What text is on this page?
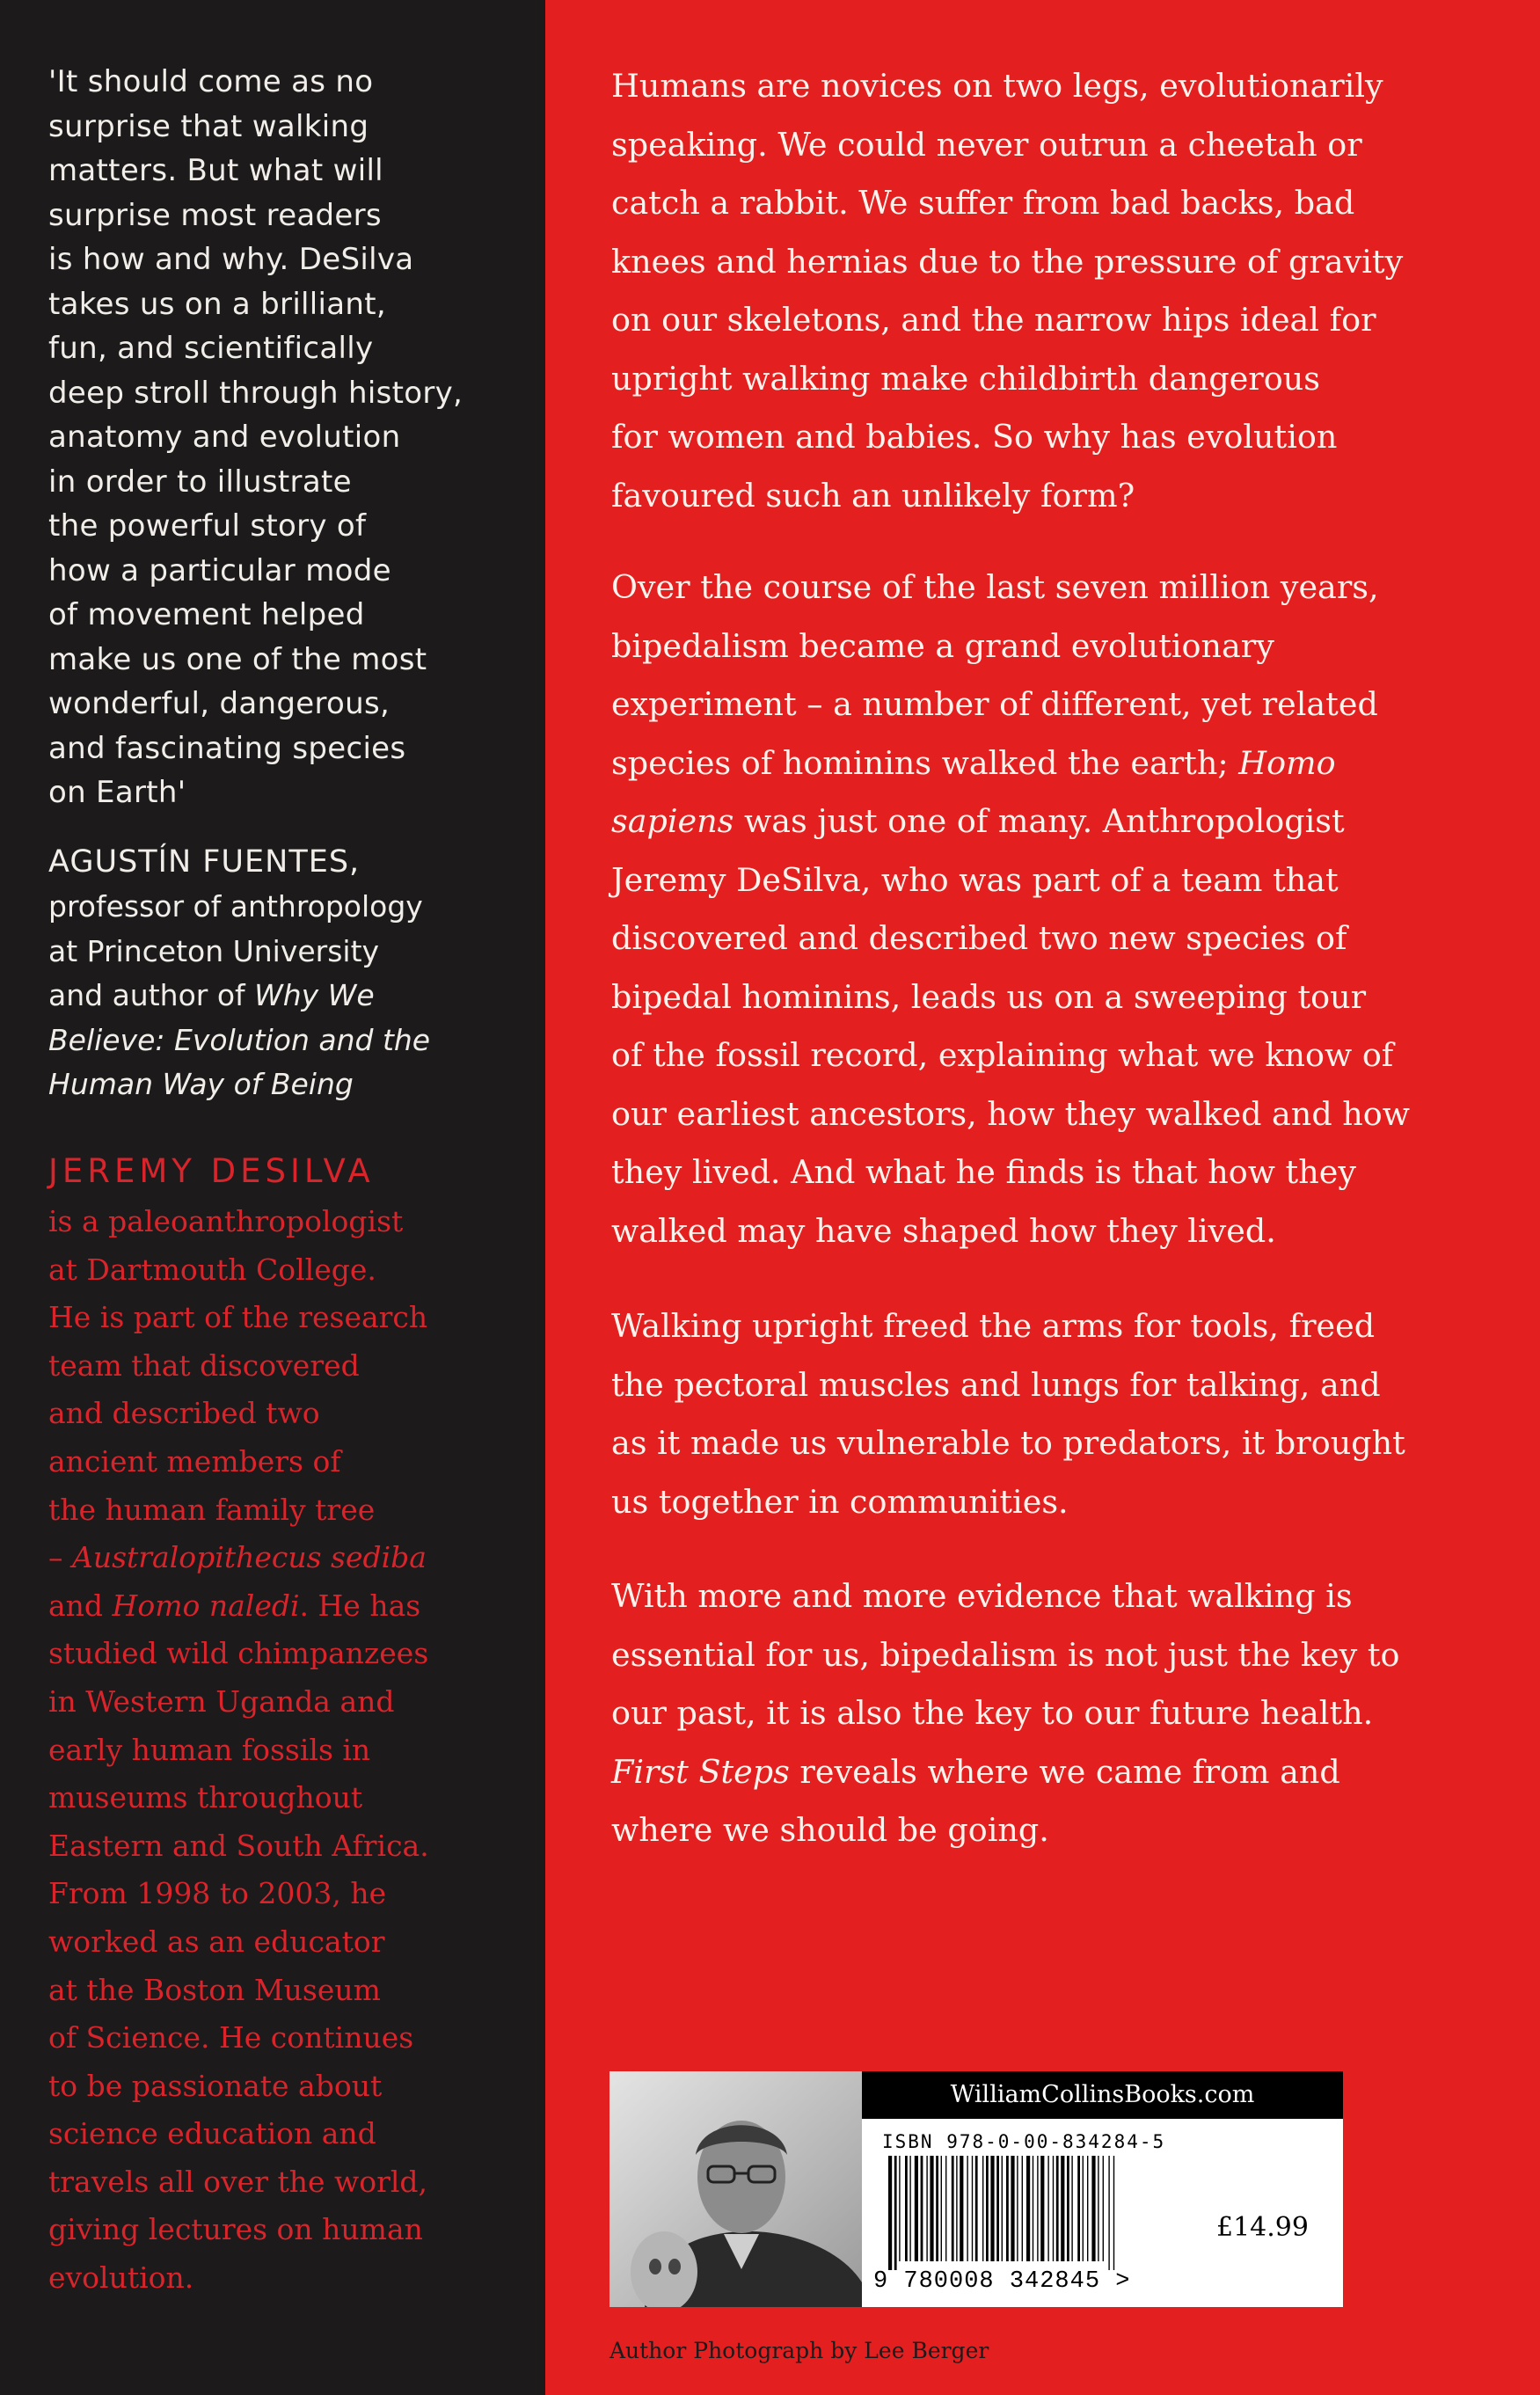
'It should come as no
surprise that walking
matters. But what will
surprise most readers
is how and why. DeSilva
takes us on a brilliant,
fun, and scientifically
deep stroll through history,
anatomy and evolution
in order to illustrate
the powerful story of
how a particular mode
of movement helped
make us one of the most
wonderful, dangerous,
and fascinating species
on Earth'

AGUSTÍN FUENTES,

professor of anthropology
at Princeton University
and author of Why We
Believe: Evolution and the
Human Way of Being

JEREMY DESILVA

is a paleoanthropologist
at Dartmouth College.
He is part of the research
team that discovered
and described two
ancient members of
the human family tree
– Australopithecus sediba
and Homo naledi. He has
studied wild chimpanzees
in Western Uganda and
early human fossils in
museums throughout
Eastern and South Africa.
From 1998 to 2003, he
worked as an educator
at the Boston Museum
of Science. He continues
to be passionate about
science education and
travels all over the world,
giving lectures on human
evolution.

Humans are novices on two legs, evolutionarily
speaking. We could never outrun a cheetah or
catch a rabbit. We suffer from bad backs, bad
knees and hernias due to the pressure of gravity
on our skeletons, and the narrow hips ideal for
upright walking make childbirth dangerous
for women and babies. So why has evolution
favoured such an unlikely form?

Over the course of the last seven million years,
bipedalism became a grand evolutionary
experiment – a number of different, yet related
species of hominins walked the earth; Homo
sapiens was just one of many. Anthropologist
Jeremy DeSilva, who was part of a team that
discovered and described two new species of
bipedal hominins, leads us on a sweeping tour
of the fossil record, explaining what we know of
our earliest ancestors, how they walked and how
they lived. And what he finds is that how they
walked may have shaped how they lived.

Walking upright freed the arms for tools, freed
the pectoral muscles and lungs for talking, and
as it made us vulnerable to predators, it brought
us together in communities.

With more and more evidence that walking is
essential for us, bipedalism is not just the key to
our past, it is also the key to our future health.
First Steps reveals where we came from and
where we should be going.

WilliamCollinsBooks.com
ISBN 978-0-00-834284-5
9 780008 342845 >
£14.99

Author Photograph by Lee Berger
